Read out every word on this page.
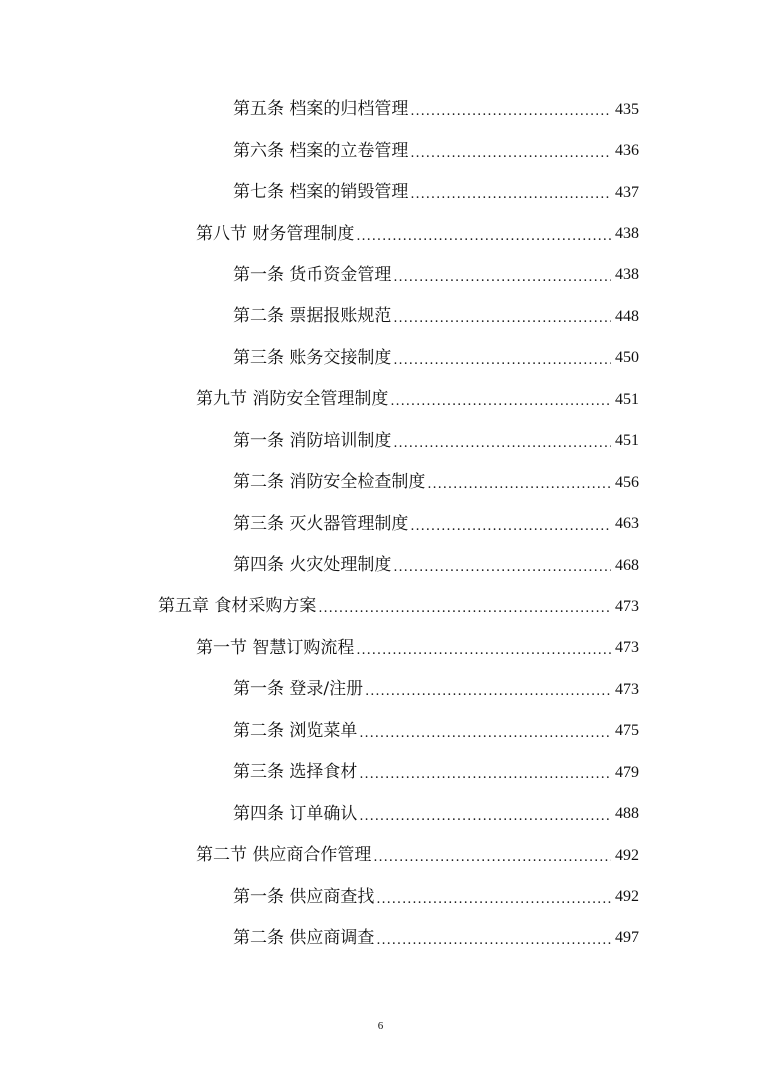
第五条 档案的归档管理 .....	435
第六条 档案的立卷管理 .....	436
第七条 档案的销毁管理 .....	437
第八节 财务管理制度 .....	438
第一条 货币资金管理 .....	438
第二条 票据报账规范 .....	448
第三条 账务交接制度 .....	450
第九节 消防安全管理制度 .....	451
第一条 消防培训制度 .....	451
第二条 消防安全检查制度 .....	456
第三条 灭火器管理制度 .....	463
第四条 火灾处理制度 .....	468
第五章 食材采购方案 .....	473
第一节 智慧订购流程 .....	473
第一条 登录/注册 .....	473
第二条 浏览菜单 .....	475
第三条 选择食材 .....	479
第四条 订单确认 .....	488
第二节 供应商合作管理 .....	492
第一条 供应商查找 .....	492
第二条 供应商调查 .....	497
6
